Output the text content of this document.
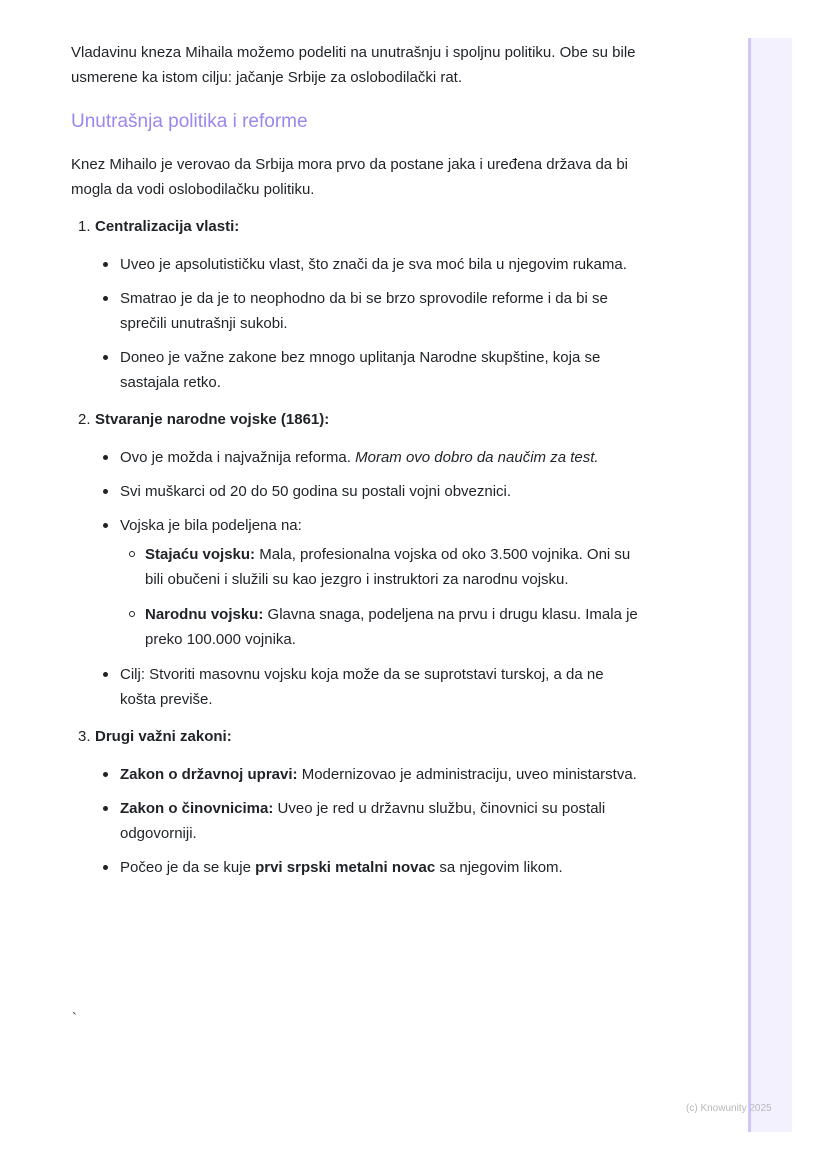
Vladavinu kneza Mihaila možemo podeliti na unutrašnju i spoljnu politiku. Obe su bile usmerene ka istom cilju: jačanje Srbije za oslobodilački rat.

Unutrašnja politika i reforme

Knez Mihailo je verovao da Srbija mora prvo da postane jaka i uređena država da bi mogla da vodi oslobodilačku politiku.

1. Centralizacija vlasti:
Uveo je apsolutističku vlast, što znači da je sva moć bila u njegovim rukama.
Smatrao je da je to neophodno da bi se brzo sprovodile reforme i da bi se sprečili unutrašnji sukobi.
Doneo je važne zakone bez mnogo uplitanja Narodne skupštine, koja se sastajala retko.
2. Stvaranje narodne vojske (1861):
Ovo je možda i najvažnija reforma. Moram ovo dobro da naučim za test.
Svi muškarci od 20 do 50 godina su postali vojni obveznici.
Vojska je bila podeljena na:
Stajaću vojsku: Mala, profesionalna vojska od oko 3.500 vojnika. Oni su bili obučeni i služili su kao jezgro i instruktori za narodnu vojsku.
Narodnu vojsku: Glavna snaga, podeljena na prvu i drugu klasu. Imala je preko 100.000 vojnika.
Cilj: Stvoriti masovnu vojsku koja može da se suprotstavi turskoj, a da ne košta previše.
3. Drugi važni zakoni:
Zakon o državnoj upravi: Modernizovao je administraciju, uveo ministarstva.
Zakon o činovnicima: Uveo je red u državnu službu, činovnici su postali odgovorniji.
Počeo je da se kuje prvi srpski metalni novac sa njegovim likom.
`
(c) Knowunity 2025
